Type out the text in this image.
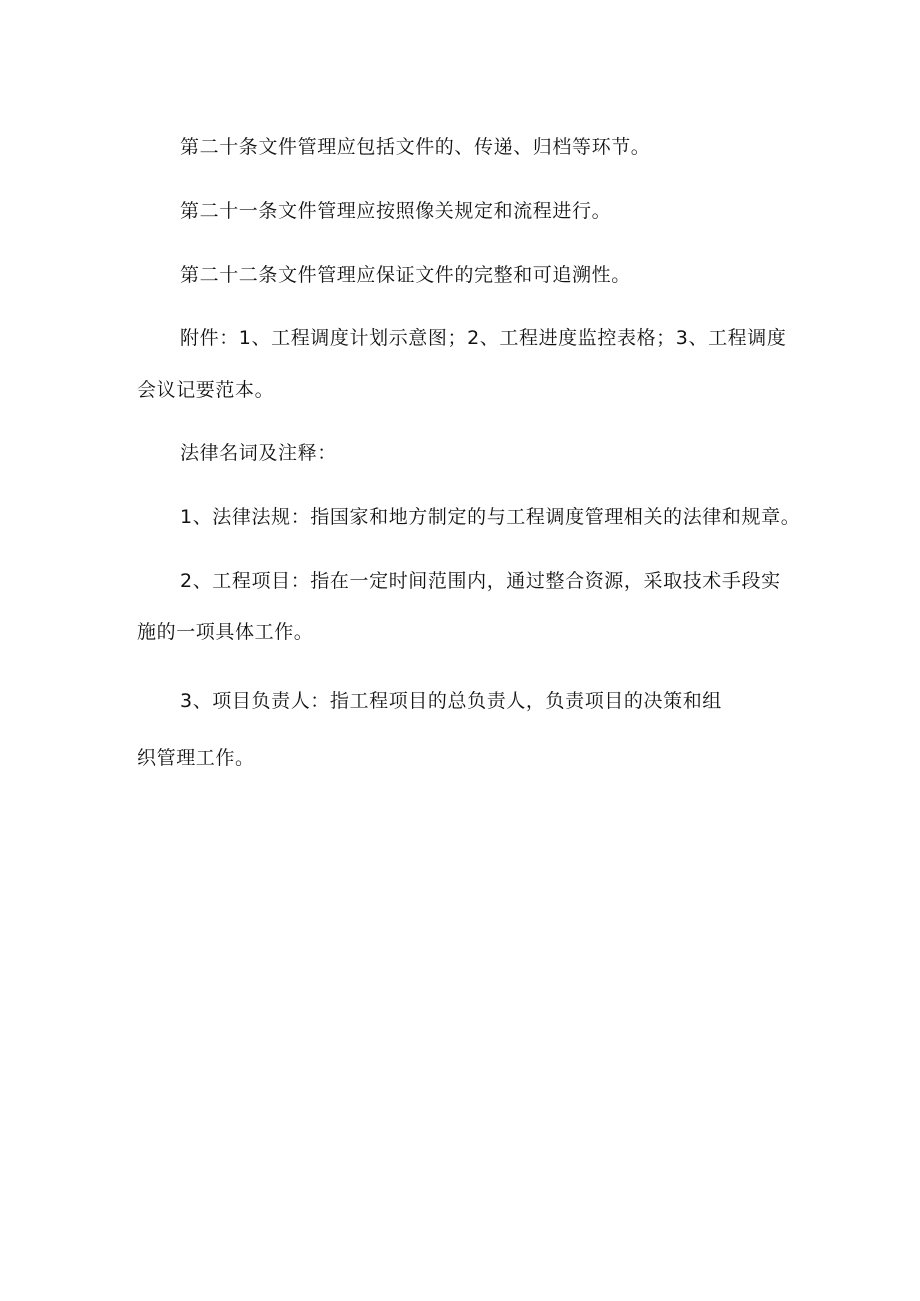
第二十条文件管理应包括文件的、传递、归档等环节。
第二十一条文件管理应按照像关规定和流程进行。
第二十二条文件管理应保证文件的完整和可追溯性。
附件：1、工程调度计划示意图；2、工程进度监控表格；3、工程调度
会议记要范本。
法律名词及注释：
1、法律法规：指国家和地方制定的与工程调度管理相关的法律和规章。
2、工程项目：指在一定时间范围内，通过整合资源，采取技术手段实
施的一项具体工作。
3、项目负责人：指工程项目的总负责人，负责项目的决策和组
织管理工作。
